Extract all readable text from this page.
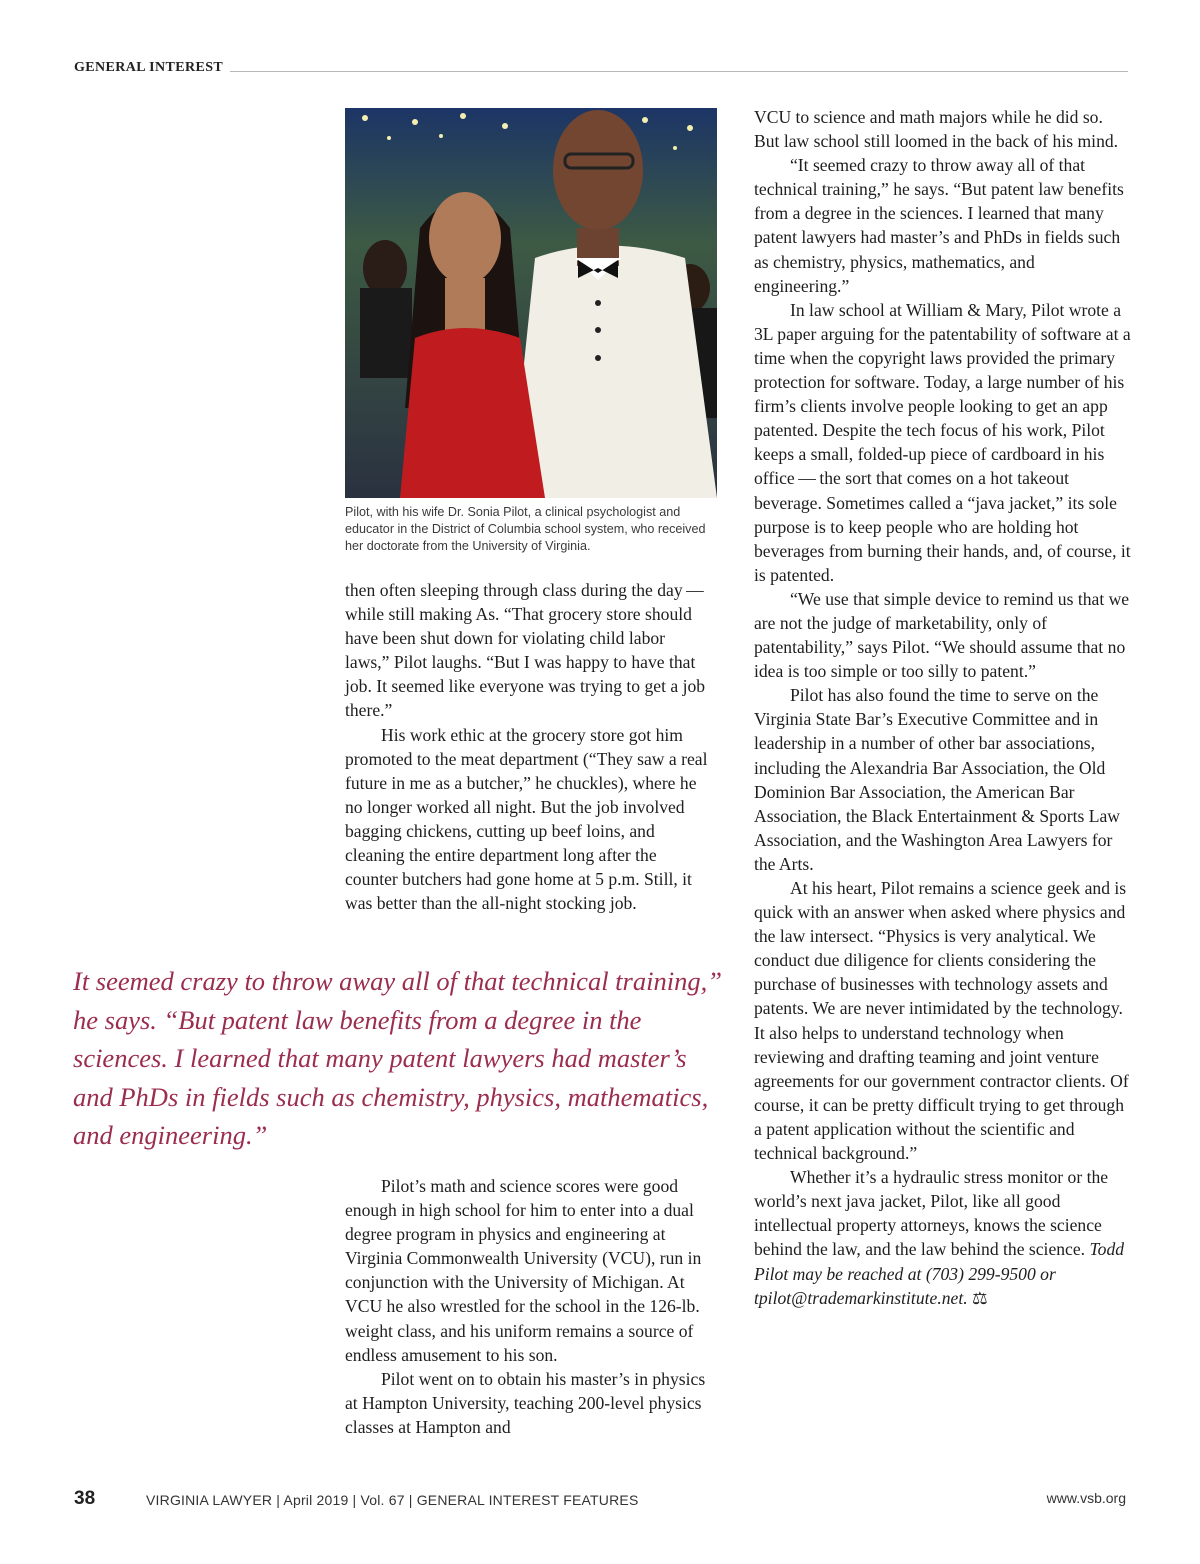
GENERAL INTEREST
Pilot, with his wife Dr. Sonia Pilot, a clinical psychologist and educator in the District of Columbia school system, who received her doctorate from the University of Virginia.

then often sleeping through class during the day — while still making As. “That grocery store should have been shut down for violating child labor laws,” Pilot laughs. “But I was happy to have that job. It seemed like everyone was trying to get a job there.”

His work ethic at the grocery store got him promoted to the meat department (“They saw a real future in me as a butcher,” he chuckles), where he no longer worked all night. But the job involved bagging chickens, cutting up beef loins, and cleaning the entire department long after the counter butchers had gone home at 5 p.m. Still, it was better than the all-night stocking job.

It seemed crazy to throw away all of that technical training,” he says. “But patent law benefits from a degree in the sciences. I learned that many patent lawyers had master’s and PhDs in fields such as chemistry, physics, mathematics, and engineering.”

Pilot’s math and science scores were good enough in high school for him to enter into a dual degree program in physics and engineering at Virginia Commonwealth University (VCU), run in conjunction with the University of Michigan. At VCU he also wrestled for the school in the 126-lb. weight class, and his uniform remains a source of endless amusement to his son.

Pilot went on to obtain his master’s in physics at Hampton University, teaching 200-level physics classes at Hampton and

VCU to science and math majors while he did so. But law school still loomed in the back of his mind.

“It seemed crazy to throw away all of that technical training,” he says. “But patent law benefits from a degree in the sciences. I learned that many patent lawyers had master’s and PhDs in fields such as chemistry, physics, mathematics, and engineering.”

In law school at William & Mary, Pilot wrote a 3L paper arguing for the patentability of software at a time when the copyright laws provided the primary protection for software. Today, a large number of his firm’s clients involve people looking to get an app patented. Despite the tech focus of his work, Pilot keeps a small, folded-up piece of cardboard in his office — the sort that comes on a hot takeout beverage. Sometimes called a “java jacket,” its sole purpose is to keep people who are holding hot beverages from burning their hands, and, of course, it is patented.

“We use that simple device to remind us that we are not the judge of marketability, only of patentability,” says Pilot. “We should assume that no idea is too simple or too silly to patent.”

Pilot has also found the time to serve on the Virginia State Bar’s Executive Committee and in leadership in a number of other bar associations, including the Alexandria Bar Association, the Old Dominion Bar Association, the American Bar Association, the Black Entertainment & Sports Law Association, and the Washington Area Lawyers for the Arts.

At his heart, Pilot remains a science geek and is quick with an answer when asked where physics and the law intersect. “Physics is very analytical. We conduct due diligence for clients considering the purchase of businesses with technology assets and patents. We are never intimidated by the technology. It also helps to understand technology when reviewing and drafting teaming and joint venture agreements for our government contractor clients. Of course, it can be pretty difficult trying to get through a patent application without the scientific and technical background.”

Whether it’s a hydraulic stress monitor or the world’s next java jacket, Pilot, like all good intellectual property attorneys, knows the science behind the law, and the law behind the science. Todd Pilot may be reached at (703) 299-9500 or tpilot@trademarkinstitute.net. ⚖

38	VIRGINIA LAWYER | April 2019 | Vol. 67 | GENERAL INTEREST FEATURES	www.vsb.org
